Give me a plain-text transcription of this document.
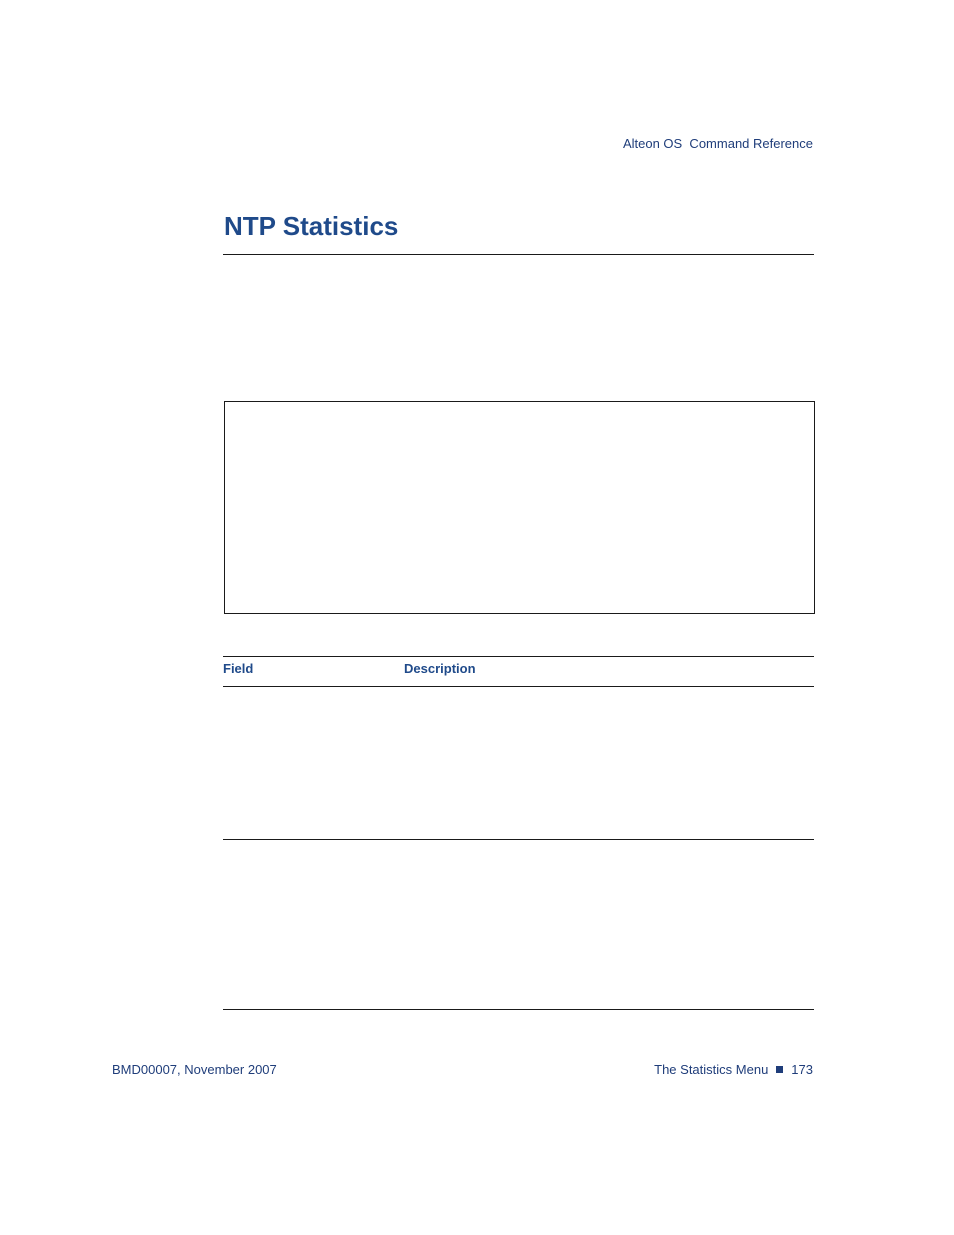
Alteon OS  Command Reference
NTP Statistics
Field	Description
BMD00007, November 2007	The Statistics Menu 173
